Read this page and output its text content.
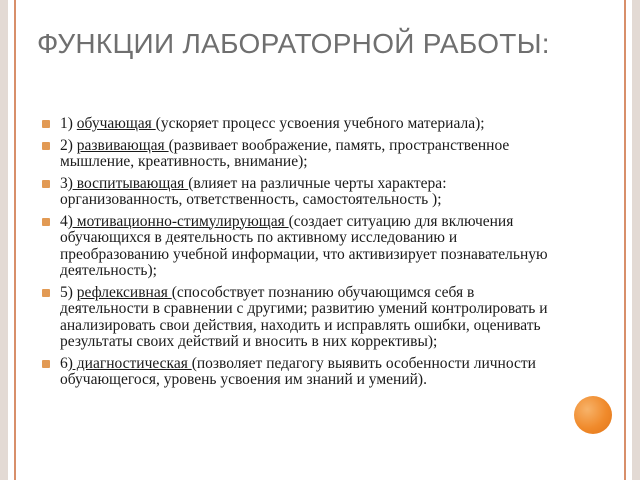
ФУНКЦИИ ЛАБОРАТОРНОЙ РАБОТЫ:
1) обучающая (ускоряет процесс усвоения учебного материала);
2) развивающая (развивает воображение, память, пространственное мышление, креативность, внимание);
3) воспитывающая (влияет на различные черты характера: организованность, ответственность, самостоятельность );
4) мотивационно-стимулирующая (создает ситуацию для включения обучающихся в деятельность по активному исследованию и преобразованию учебной информации, что активизирует познавательную деятельность);
5) рефлексивная (способствует познанию обучающимся себя в деятельности в сравнении с другими; развитию умений контролировать и анализировать свои действия, находить и исправлять ошибки, оценивать результаты своих действий и вносить в них коррективы);
6) диагностическая (позволяет педагогу выявить особенности личности обучающегося, уровень усвоения им знаний и умений).
